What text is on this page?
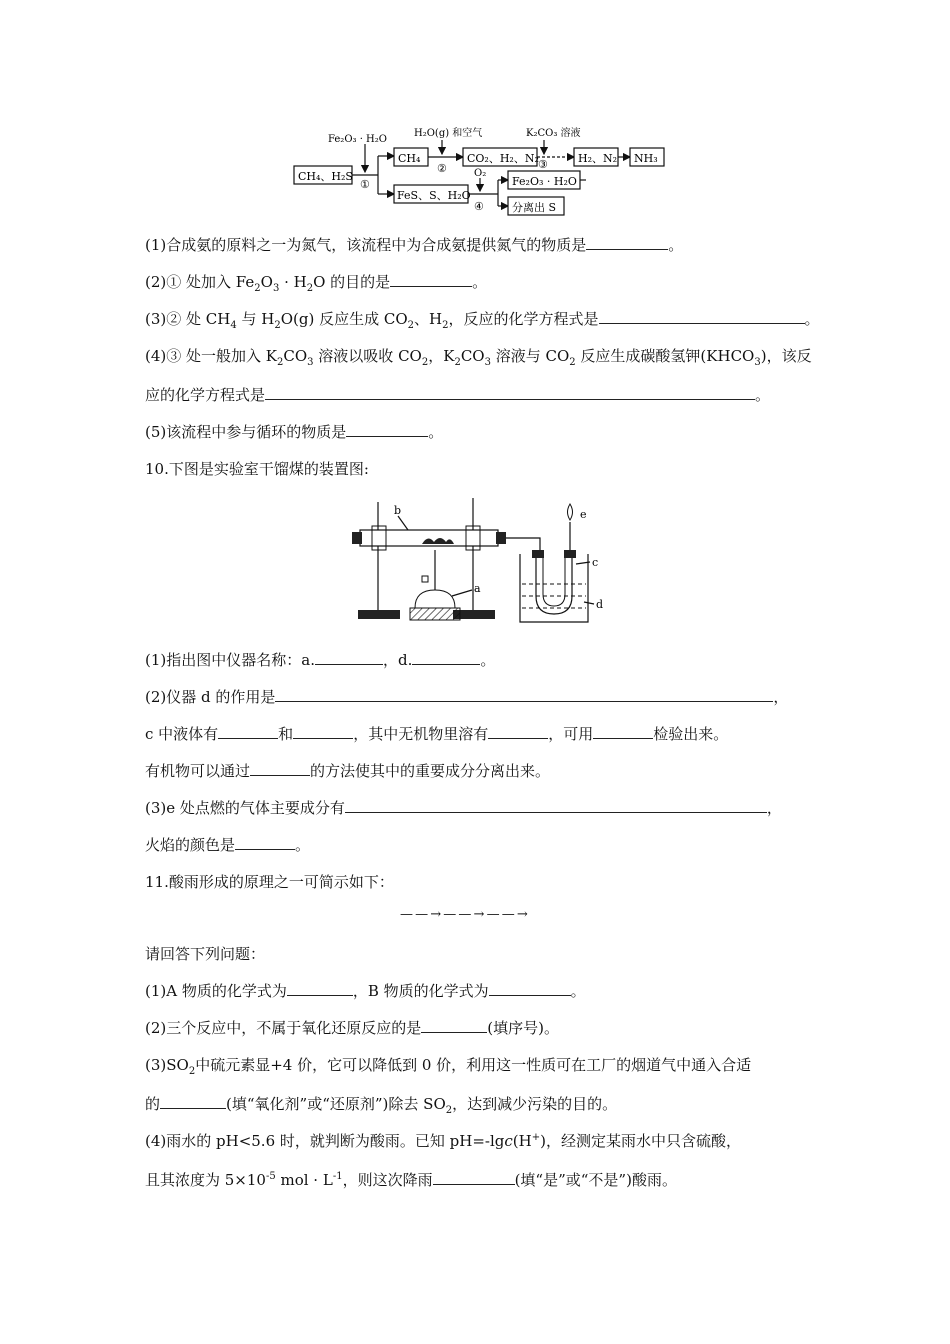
CH₄、H₂S
Fe₂O₃ · H₂O
①
CH₄
H₂O(g) 和空气
②
CO₂、H₂、N₂
K₂CO₃ 溶液
③	H₂、N₂ NH₃
FeS、S、H₂O
O₂
④
Fe₂O₃ · H₂O
分离出 S
(1)合成氨的原料之一为氮气，该流程中为合成氨提供氮气的物质是	。
(2)① 处加入 $Fe_2O_3 \cdot H_2O$ 的目的是	。
(3)② 处 $CH_4$ 与 $H_2O(g)$ 反应生成 $CO_2$、$H_2$，反应的化学方程式是	。
(4)③ 处一般加入 $K_2CO_3$ 溶液以吸收 $CO_2$，$K_2CO_3$ 溶液与 $CO_2$ 反应生成碳酸氢钾$(KHCO_3)$，该反
应的化学方程式是	。
(5)该流程中参与循环的物质是	。
10.下图是实验室干馏煤的装置图:
a
b	e
c
d
(1)指出图中仪器名称：a.	，d.	。
(2)仪器 d 的作用是	，
c 中液体有	和	，其中无机物里溶有	，可用	检验出来。
有机物可以通过	的方法使其中的重要成分分离出来。
(3)e 处点燃的气体主要成分有	，
火焰的颜色是	。
11.酸雨形成的原理之一可简示如下：
— — → — — → — — →
请回答下列问题：
(1)A 物质的化学式为	，B 物质的化学式为	。
(2)三个反应中，不属于氧化还原反应的是	(填序号)。
$(3)SO_2$中硫元素显+4 价，它可以降低到 0 价，利用这一性质可在工厂的烟道气中通入合适
的	(填“氧化剂”或“还原剂”)除去 $SO_2$，达到减少污染的目的。
(4)雨水的 pH<5.6 时，就判断为酸雨。已知 pH=-lgc(H+)，经测定某雨水中只含硫酸，
且其浓度为 $5\times 10^{-5}$ mol · $L^{-1}$，则这次降雨	(填“是”或“不是”)酸雨。
